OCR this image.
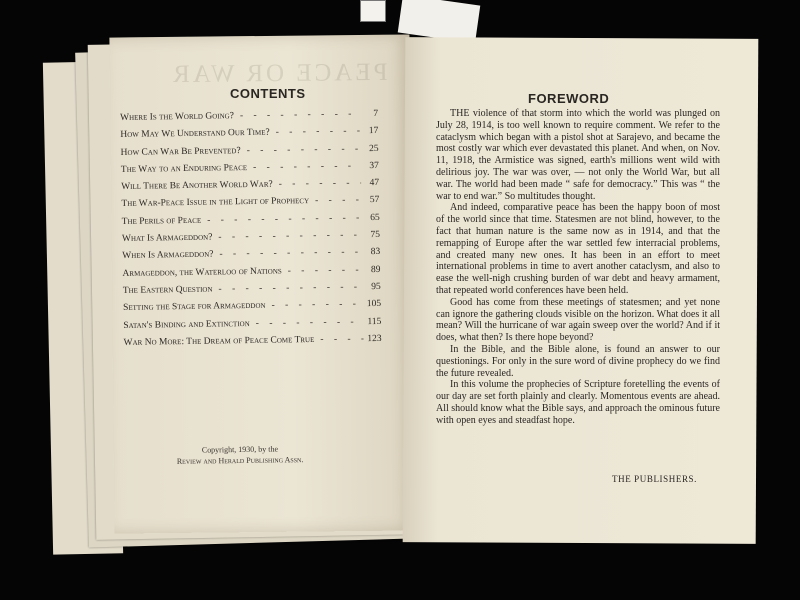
PEACE OR WAR
CONTENTS
Where Is the World Going? - - -	7
How May We Understand Our Time? - - -	17
How Can War Be Prevented? - - -	25
The Way to an Enduring Peace - - -	37
Will There Be Another World War? - - -	47
The War-Peace Issue in the Light of Prophecy - - -	57
The Perils of Peace - - -	65
What Is Armageddon? - - -	75
When Is Armageddon? - - -	83
Armageddon, the Waterloo of Nations - - -	89
The Eastern Question - - -	95
Setting the Stage for Armageddon - - -	105
Satan's Binding and Extinction - - -	115
War No More: The Dream of Peace Come True - - -	123
Copyright, 1930, by the
Review and Herald Publishing Assn.
FOREWORD

THE violence of that storm into which the world was plunged on July 28, 1914, is too well known to require comment. We refer to the cataclysm which began with a pistol shot at Sarajevo, and became the most costly war which ever devastated this planet. And when, on Nov. 11, 1918, the Armistice was signed, earth's millions went wild with delirious joy. The war was over, — not only the World War, but all war. The world had been made “ safe for democracy.” This was “ the war to end war.” So multitudes thought.

And indeed, comparative peace has been the happy boon of most of the world since that time. Statesmen are not blind, however, to the fact that human nature is the same now as in 1914, and that the remapping of Europe after the war settled few interracial problems, and created many new ones. It has been in an effort to meet international problems in time to avert another cataclysm, and also to ease the well-nigh crushing burden of war debt and heavy armament, that repeated world conferences have been held.

Good has come from these meetings of statesmen; and yet none can ignore the gathering clouds visible on the horizon. What does it all mean? Will the hurricane of war again sweep over the world? And if it does, what then? Is there hope beyond?

In the Bible, and the Bible alone, is found an answer to our questionings. For only in the sure word of divine prophecy do we find the future revealed.

In this volume the prophecies of Scripture foretelling the events of our day are set forth plainly and clearly. Momentous events are ahead. All should know what the Bible says, and approach the ominous future with open eyes and steadfast hope.

THE PUBLISHERS.
